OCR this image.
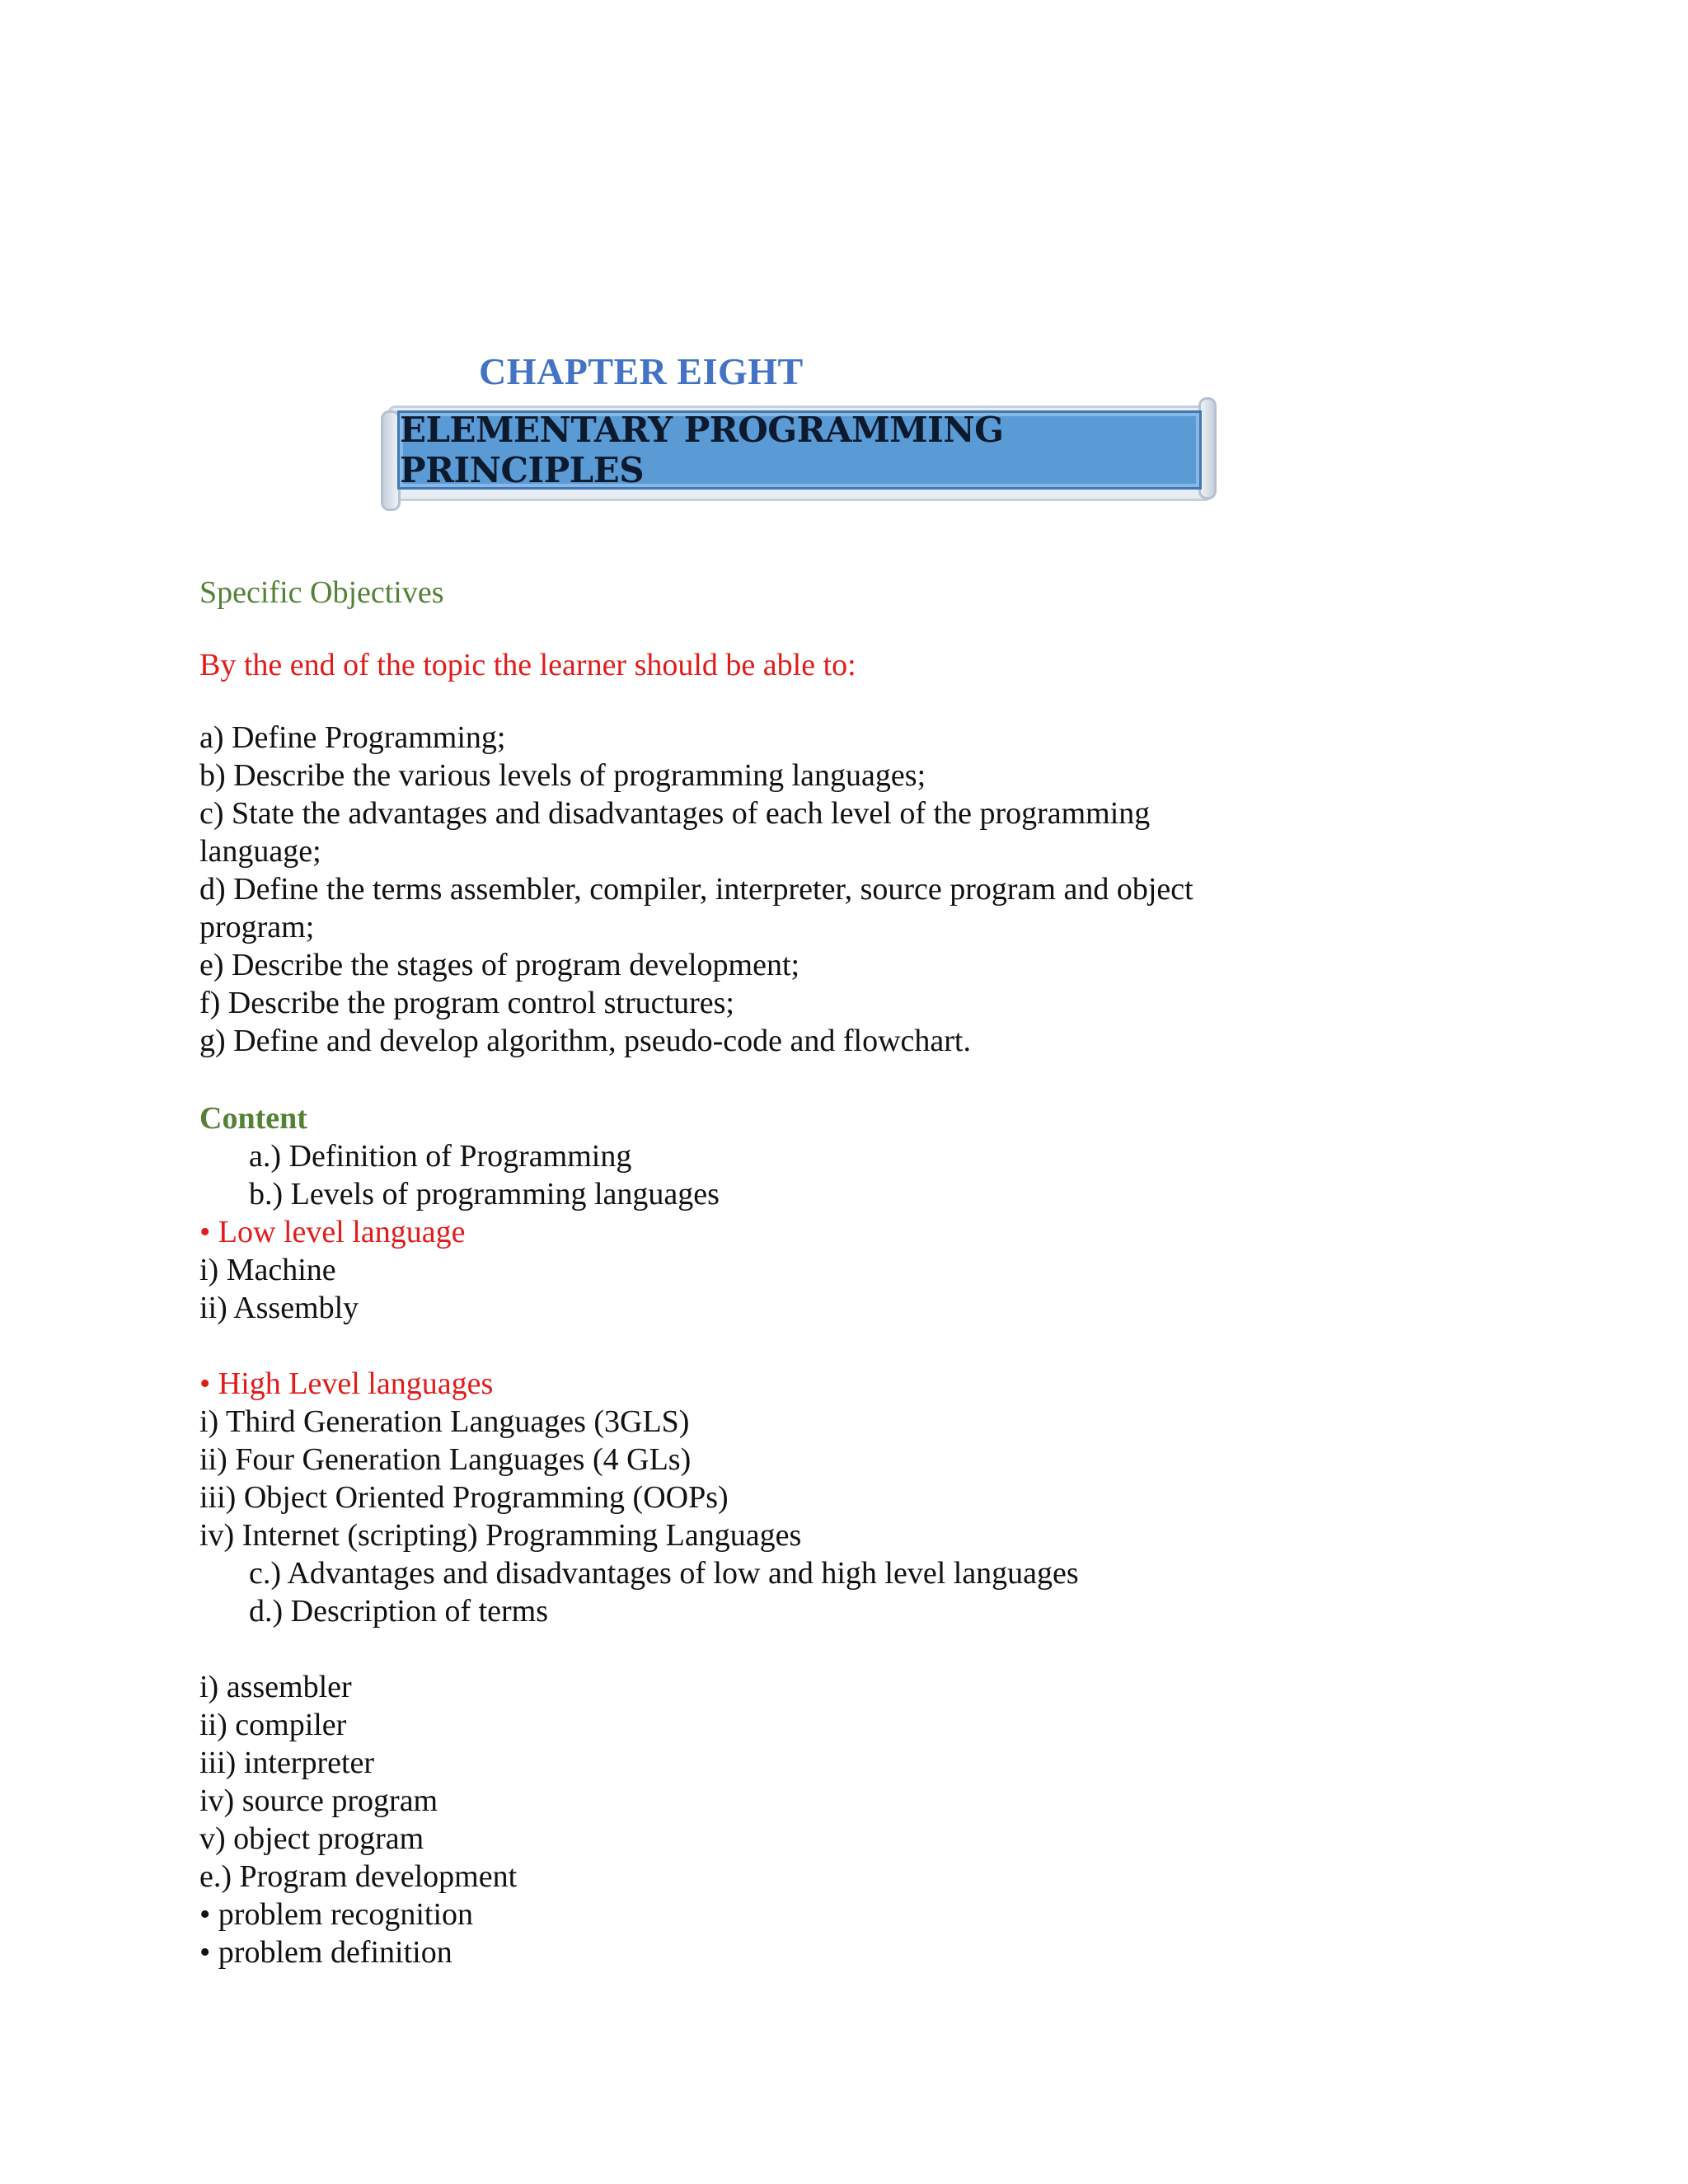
CHAPTER EIGHT
ELEMENTARY PROGRAMMING PRINCIPLES
Specific Objectives
By the end of the topic the learner should be able to:
a) Define Programming;
b) Describe the various levels of programming languages;
c) State the advantages and disadvantages of each level of the programming
language;
d) Define the terms assembler, compiler, interpreter, source program and object
program;
e) Describe the stages of program development;
f) Describe the program control structures;
g) Define and develop algorithm, pseudo-code and flowchart.
Content
a.) Definition of Programming
b.) Levels of programming languages
• Low level language
i) Machine
ii) Assembly
• High Level languages
i) Third Generation Languages (3GLS)
ii) Four Generation Languages (4 GLs)
iii) Object Oriented Programming (OOPs)
iv) Internet (scripting) Programming Languages
c.) Advantages and disadvantages of low and high level languages
d.) Description of terms
i) assembler
ii) compiler
iii) interpreter
iv) source program
v) object program
e.) Program development
• problem recognition
• problem definition
